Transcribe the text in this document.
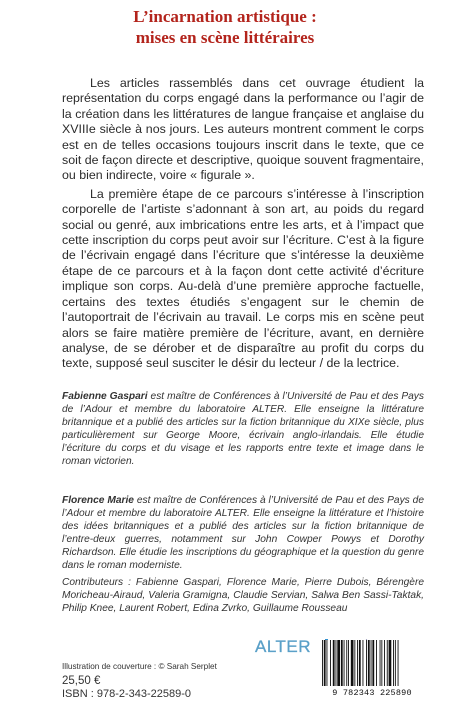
L’incarnation artistique :
mises en scène littéraires

Les articles rassemblés dans cet ouvrage étudient la représentation du corps engagé dans la performance ou l’agir de la création dans les littératures de langue française et anglaise du XVIIIe siècle à nos jours. Les auteurs montrent comment le corps est en de telles occasions toujours inscrit dans le texte, que ce soit de façon directe et descriptive, quoique souvent fragmentaire, ou bien indirecte, voire « figurale ».

La première étape de ce parcours s’intéresse à l’inscription corporelle de l’artiste s’adonnant à son art, au poids du regard social ou genré, aux imbrications entre les arts, et à l’impact que cette inscription du corps peut avoir sur l’écriture. C’est à la figure de l’écrivain engagé dans l’écriture que s’intéresse la deuxième étape de ce parcours et à la façon dont cette activité d’écriture implique son corps. Au-delà d’une première approche factuelle, certains des textes étudiés s’engagent sur le chemin de l’autoportrait de l’écrivain au travail. Le corps mis en scène peut alors se faire matière première de l’écriture, avant, en dernière analyse, de se dérober et de disparaître au profit du corps du texte, supposé seul susciter le désir du lecteur / de la lectrice.

Fabienne Gaspari est maître de Conférences à l’Université de Pau et des Pays de l’Adour et membre du laboratoire ALTER. Elle enseigne la littérature britannique et a publié des articles sur la fiction britannique du XIXe siècle, plus particulièrement sur George Moore, écrivain anglo-irlandais. Elle étudie l’écriture du corps et du visage et les rapports entre texte et image dans le roman victorien.
Florence Marie est maître de Conférences à l’Université de Pau et des Pays de l’Adour et membre du laboratoire ALTER. Elle enseigne la littérature et l’histoire des idées britanniques et a publié des articles sur la fiction britannique de l’entre-deux guerres, notamment sur John Cowper Powys et Dorothy Richardson. Elle étudie les inscriptions du géographique et la question du genre dans le roman moderniste.
Contributeurs : Fabienne Gaspari, Florence Marie, Pierre Dubois, Bérengère Moricheau-Airaud, Valeria Gramigna, Claudie Servian, Salwa Ben Sassi-Taktak, Philip Knee, Laurent Robert, Edina Zvrko, Guillaume Rousseau
ALTER
Illustration de couverture : © Sarah Serplet
25,50 €
ISBN : 978-2-343-22589-0	9 782343 225890
